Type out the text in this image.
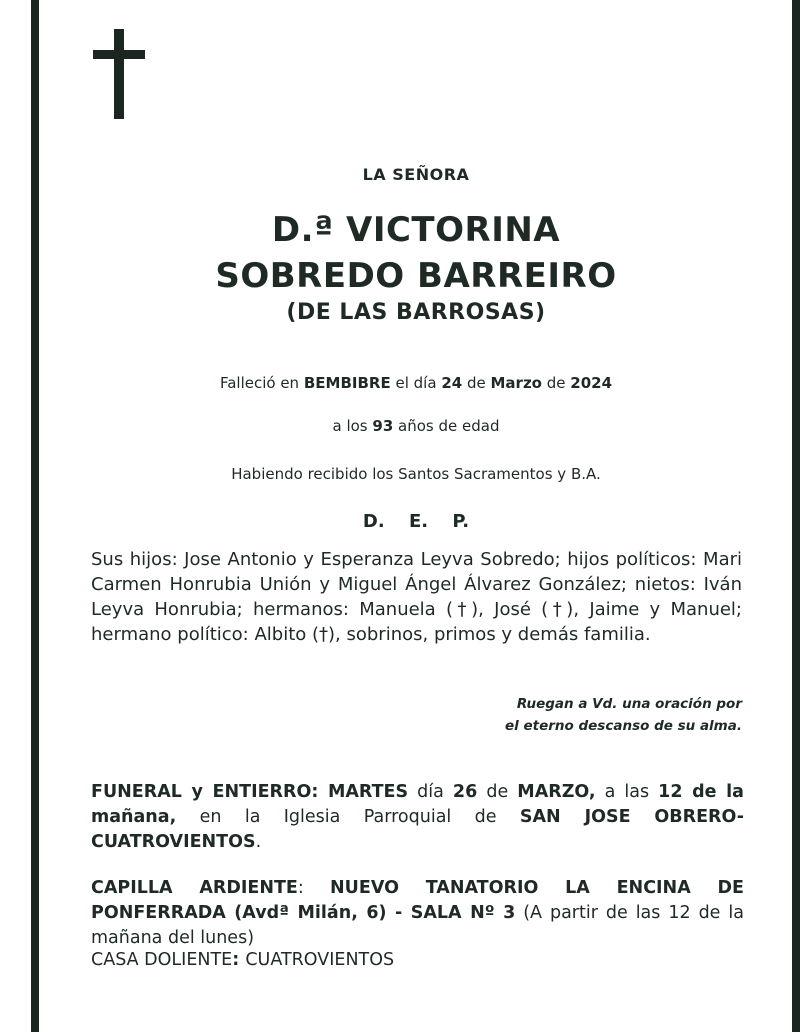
LA SEÑORA
D.ª VICTORINA
SOBREDO BARREIRO
(DE LAS BARROSAS)
Falleció en BEMBIBRE el día 24 de Marzo de 2024
a los 93 años de edad
Habiendo recibido los Santos Sacramentos y B.A.
D. E. P.
Sus hijos: Jose Antonio y Esperanza Leyva Sobredo; hijos políticos: Mari Carmen Honrubia Unión y Miguel Ángel Álvarez González; nietos: Iván Leyva Honrubia; hermanos: Manuela (†), José (†), Jaime y Manuel; hermano político: Albito (†), sobrinos, primos y demás familia.
Ruegan a Vd. una oración por
el eterno descanso de su alma.
FUNERAL y ENTIERRO: MARTES día 26 de MARZO, a las 12 de la mañana, en la Iglesia Parroquial de SAN JOSE OBRERO-CUATROVIENTOS.
CAPILLA ARDIENTE: NUEVO TANATORIO LA ENCINA DE PONFERRADA (Avdª Milán, 6) - SALA Nº 3 (A partir de las 12 de la mañana del lunes)
CASA DOLIENTE: CUATROVIENTOS
